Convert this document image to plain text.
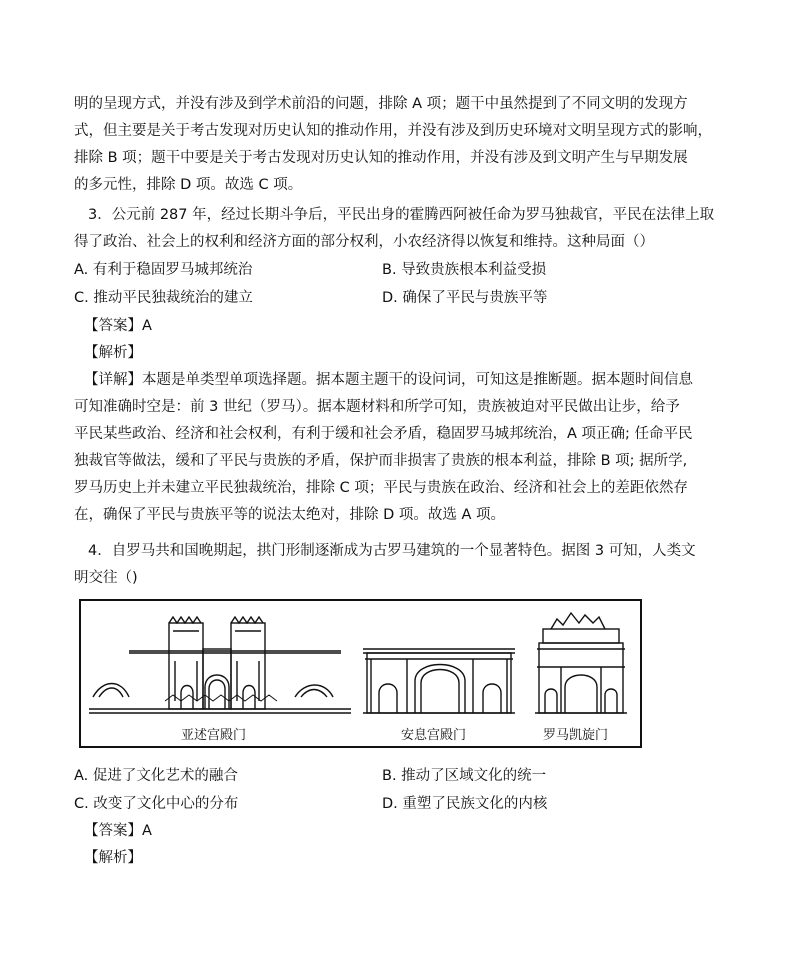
明的呈现方式，并没有涉及到学术前沿的问题，排除 A 项；题干中虽然提到了不同文明的发现方
式，但主要是关于考古发现对历史认知的推动作用，并没有涉及到历史环境对文明呈现方式的影响，
排除 B 项；题干中要是关于考古发现对历史认知的推动作用，并没有涉及到文明产生与早期发展
的多元性，排除 D 项。故选 C 项。
3．公元前 287 年，经过长期斗争后，平民出身的霍腾西阿被任命为罗马独裁官，平民在法律上取
得了政治、社会上的权利和经济方面的部分权利，小农经济得以恢复和维持。这种局面（）
A. 有利于稳固罗马城邦统治	B. 导致贵族根本利益受损
C. 推动平民独裁统治的建立	D. 确保了平民与贵族平等
【答案】A
【解析】
【详解】本题是单类型单项选择题。据本题主题干的设问词，可知这是推断题。据本题时间信息
可知准确时空是：前 3 世纪（罗马）。据本题材料和所学可知，贵族被迫对平民做出让步，给予
平民某些政治、经济和社会权利，有利于缓和社会矛盾，稳固罗马城邦统治，A 项正确; 任命平民
独裁官等做法，缓和了平民与贵族的矛盾，保护而非损害了贵族的根本利益，排除 B 项; 据所学,
罗马历史上并未建立平民独裁统治，排除 C 项；平民与贵族在政治、经济和社会上的差距依然存
在，确保了平民与贵族平等的说法太绝对，排除 D 项。故选 A 项。
4．自罗马共和国晚期起，拱门形制逐渐成为古罗马建筑的一个显著特色。据图 3 可知，人类文
明交往（)
亚述宫殿门	安息宫殿门	罗马凯旋门
A. 促进了文化艺术的融合	B. 推动了区域文化的统一
C. 改变了文化中心的分布	D. 重塑了民族文化的内核
【答案】A
【解析】
